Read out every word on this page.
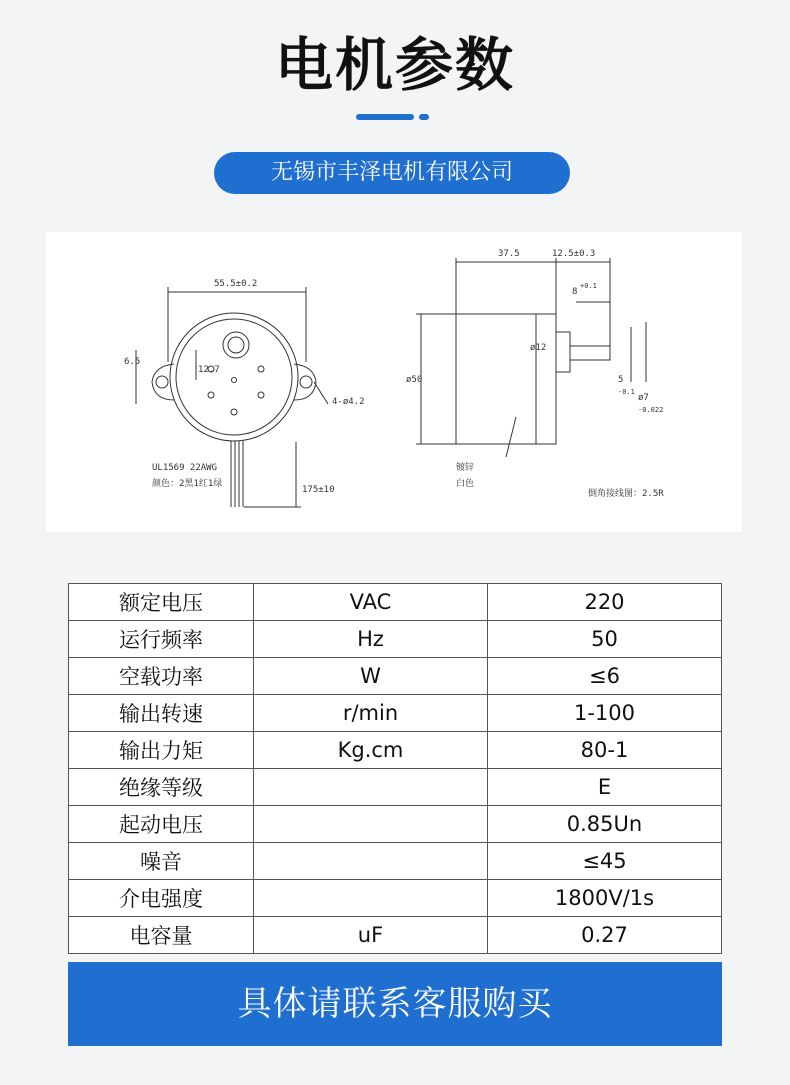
电机参数
无锡市丰泽电机有限公司
55.5±0.2
6.5
12.7
4-ø4.2
UL1569 22AWG
颜色：2黑1红1绿
175±10
37.5	12.5±0.3
8
+0.1
ø12
ø50	5
-0.1
ø7
-0.022
镀锌
白色
倒角接线图：2.5R
额定电压	VAC	220
运行频率	Hz	50
空载功率	W	≤6
输出转速	r/min	1-100
输出力矩	Kg.cm	80-1
绝缘等级		E
起动电压		0.85Un
噪音		≤45
介电强度		1800V/1s
电容量	uF	0.27
具体请联系客服购买
